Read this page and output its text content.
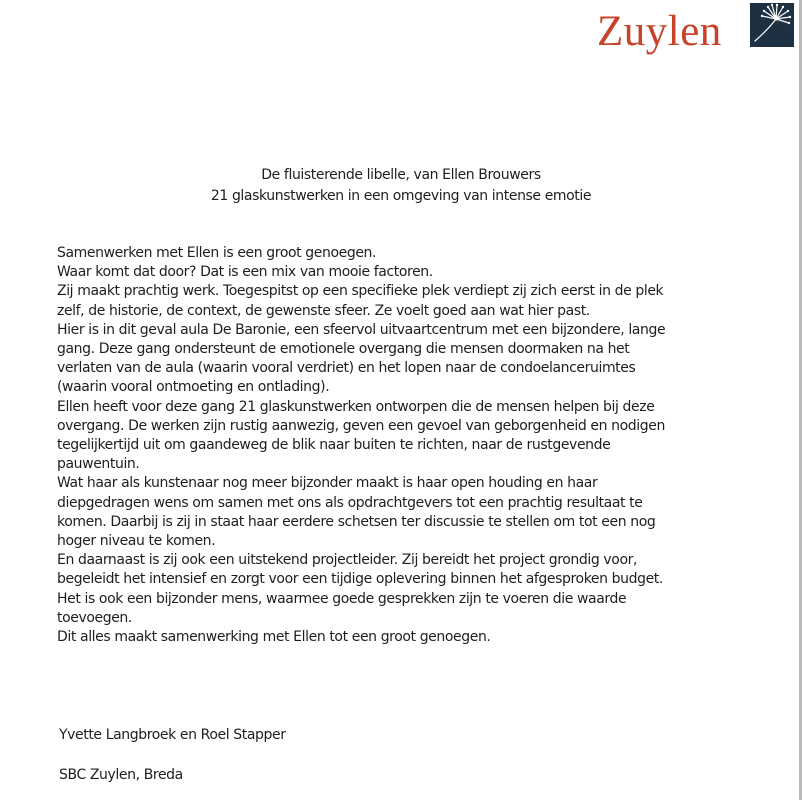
Zuylen
De fluisterende libelle, van Ellen Brouwers
21 glaskunstwerken in een omgeving van intense emotie
Samenwerken met Ellen is een groot genoegen.
Waar komt dat door? Dat is een mix van mooie factoren.
Zij maakt prachtig werk. Toegespitst op een specifieke plek verdiept zij zich eerst in de plek
zelf, de historie, de context, de gewenste sfeer. Ze voelt goed aan wat hier past.
Hier is in dit geval aula De Baronie, een sfeervol uitvaartcentrum met een bijzondere, lange
gang. Deze gang ondersteunt de emotionele overgang die mensen doormaken na het
verlaten van de aula (waarin vooral verdriet) en het lopen naar de condoelanceruimtes
(waarin vooral ontmoeting en ontlading).
Ellen heeft voor deze gang 21 glaskunstwerken ontworpen die de mensen helpen bij deze
overgang. De werken zijn rustig aanwezig, geven een gevoel van geborgenheid en nodigen
tegelijkertijd uit om gaandeweg de blik naar buiten te richten, naar de rustgevende
pauwentuin.
Wat haar als kunstenaar nog meer bijzonder maakt is haar open houding en haar
diepgedragen wens om samen met ons als opdrachtgevers tot een prachtig resultaat te
komen. Daarbij is zij in staat haar eerdere schetsen ter discussie te stellen om tot een nog
hoger niveau te komen.
En daarnaast is zij ook een uitstekend projectleider. Zij bereidt het project grondig voor,
begeleidt het intensief en zorgt voor een tijdige oplevering binnen het afgesproken budget.
Het is ook een bijzonder mens, waarmee goede gesprekken zijn te voeren die waarde
toevoegen.
Dit alles maakt samenwerking met Ellen tot een groot genoegen.
Yvette Langbroek en Roel Stapper
SBC Zuylen, Breda
